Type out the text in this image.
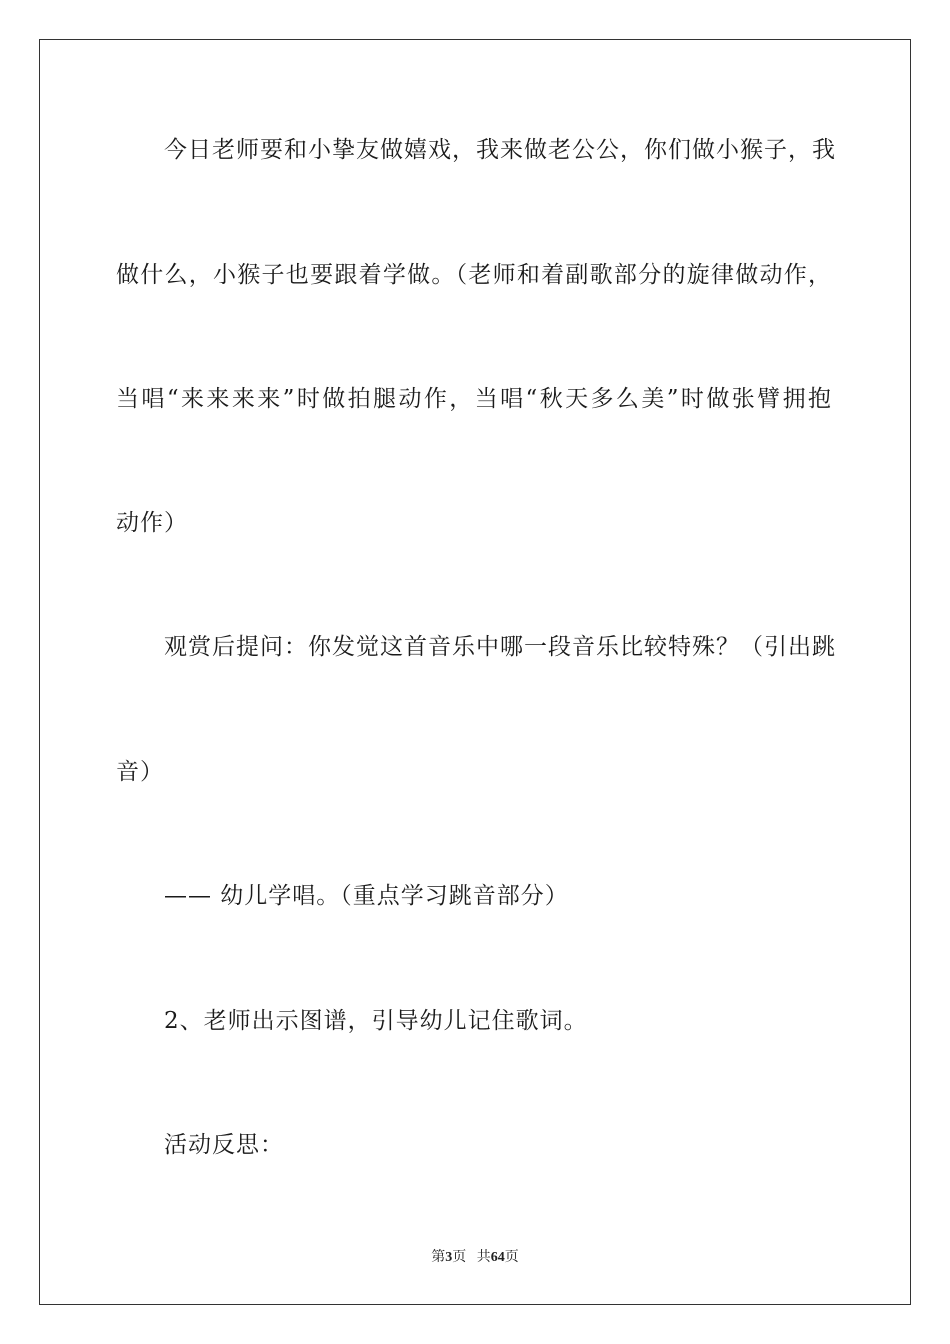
今日老师要和小挚友做嬉戏，我来做老公公，你们做小猴子，我
做什么，小猴子也要跟着学做。（老师和着副歌部分的旋律做动作，
当唱“来来来来”时做拍腿动作，当唱“秋天多么美”时做张臂拥抱
动作）
观赏后提问：你发觉这首音乐中哪一段音乐比较特殊？（引出跳
音）
—— 幼儿学唱。（重点学习跳音部分）
2、老师出示图谱，引导幼儿记住歌词。
活动反思：
第3页 共64页
